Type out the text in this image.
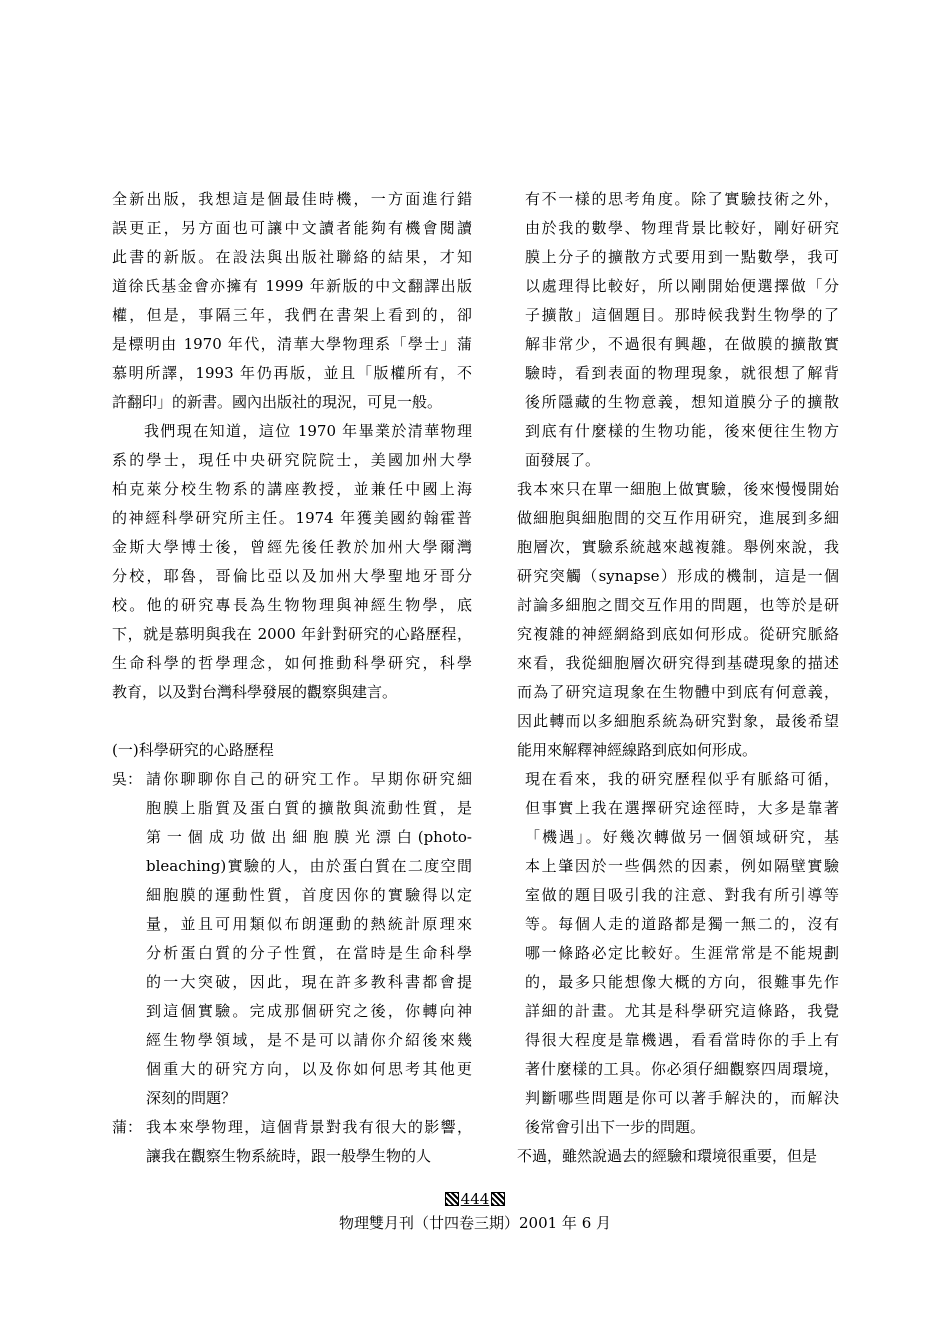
全新出版，我想這是個最佳時機，一方面進行錯
誤更正，另方面也可讓中文讀者能夠有機會閱讀
此書的新版。在設法與出版社聯絡的結果，才知
道徐氏基金會亦擁有 1999 年新版的中文翻譯出版
權，但是，事隔三年，我們在書架上看到的，卻
是標明由 1970 年代，清華大學物理系「學士」蒲
慕明所譯，1993 年仍再版，並且「版權所有，不
許翻印」的新書。國內出版社的現況，可見一般。
我們現在知道，這位 1970 年畢業於清華物理
系的學士，現任中央研究院院士，美國加州大學
柏克萊分校生物系的講座教授，並兼任中國上海
的神經科學研究所主任。1974 年獲美國約翰霍普
金斯大學博士後，曾經先後任教於加州大學爾灣
分校，耶魯，哥倫比亞以及加州大學聖地牙哥分
校。他的研究專長為生物物理與神經生物學，底
下，就是慕明與我在 2000 年針對研究的心路歷程，
生命科學的哲學理念，如何推動科學研究，科學
教育，以及對台灣科學發展的觀察與建言。
(一)科學研究的心路歷程
吳： 請你聊聊你自己的研究工作。早期你研究細
胞膜上脂質及蛋白質的擴散與流動性質，是
第 一 個 成 功 做 出 細 胞 膜 光 漂 白 (photo-
bleaching)實驗的人，由於蛋白質在二度空間
細胞膜的運動性質，首度因你的實驗得以定
量，並且可用類似布朗運動的熱統計原理來
分析蛋白質的分子性質，在當時是生命科學
的一大突破，因此，現在許多教科書都會提
到這個實驗。完成那個研究之後，你轉向神
經生物學領域，是不是可以請你介紹後來幾
個重大的研究方向，以及你如何思考其他更
深刻的問題？
蒲： 我本來學物理，這個背景對我有很大的影響，
讓我在觀察生物系統時，跟一般學生物的人
有不一樣的思考角度。除了實驗技術之外，
由於我的數學、物理背景比較好，剛好研究
膜上分子的擴散方式要用到一點數學，我可
以處理得比較好，所以剛開始便選擇做「分
子擴散」這個題目。那時候我對生物學的了
解非常少，不過很有興趣，在做膜的擴散實
驗時，看到表面的物理現象，就很想了解背
後所隱藏的生物意義，想知道膜分子的擴散
到底有什麼樣的生物功能，後來便往生物方
面發展了。
我本來只在單一細胞上做實驗，後來慢慢開始
做細胞與細胞間的交互作用研究，進展到多細
胞層次，實驗系統越來越複雜。舉例來說，我
研究突觸（synapse）形成的機制，這是一個
討論多細胞之間交互作用的問題，也等於是研
究複雜的神經網絡到底如何形成。從研究脈絡
來看，我從細胞層次研究得到基礎現象的描述
而為了研究這現象在生物體中到底有何意義，
因此轉而以多細胞系統為研究對象，最後希望
能用來解釋神經線路到底如何形成。
現在看來，我的研究歷程似乎有脈絡可循，
但事實上我在選擇研究途徑時，大多是靠著
「機遇」。好幾次轉做另一個領域研究，基
本上肇因於一些偶然的因素，例如隔壁實驗
室做的題目吸引我的注意、對我有所引導等
等。每個人走的道路都是獨一無二的，沒有
哪一條路必定比較好。生涯常常是不能規劃
的，最多只能想像大概的方向，很難事先作
詳細的計畫。尤其是科學研究這條路，我覺
得很大程度是靠機遇，看看當時你的手上有
著什麼樣的工具。你必須仔細觀察四周環境，
判斷哪些問題是你可以著手解決的，而解決
後常會引出下一步的問題。
不過，雖然說過去的經驗和環境很重要，但是
444
物理雙月刊（廿四卷三期）2001 年 6 月
